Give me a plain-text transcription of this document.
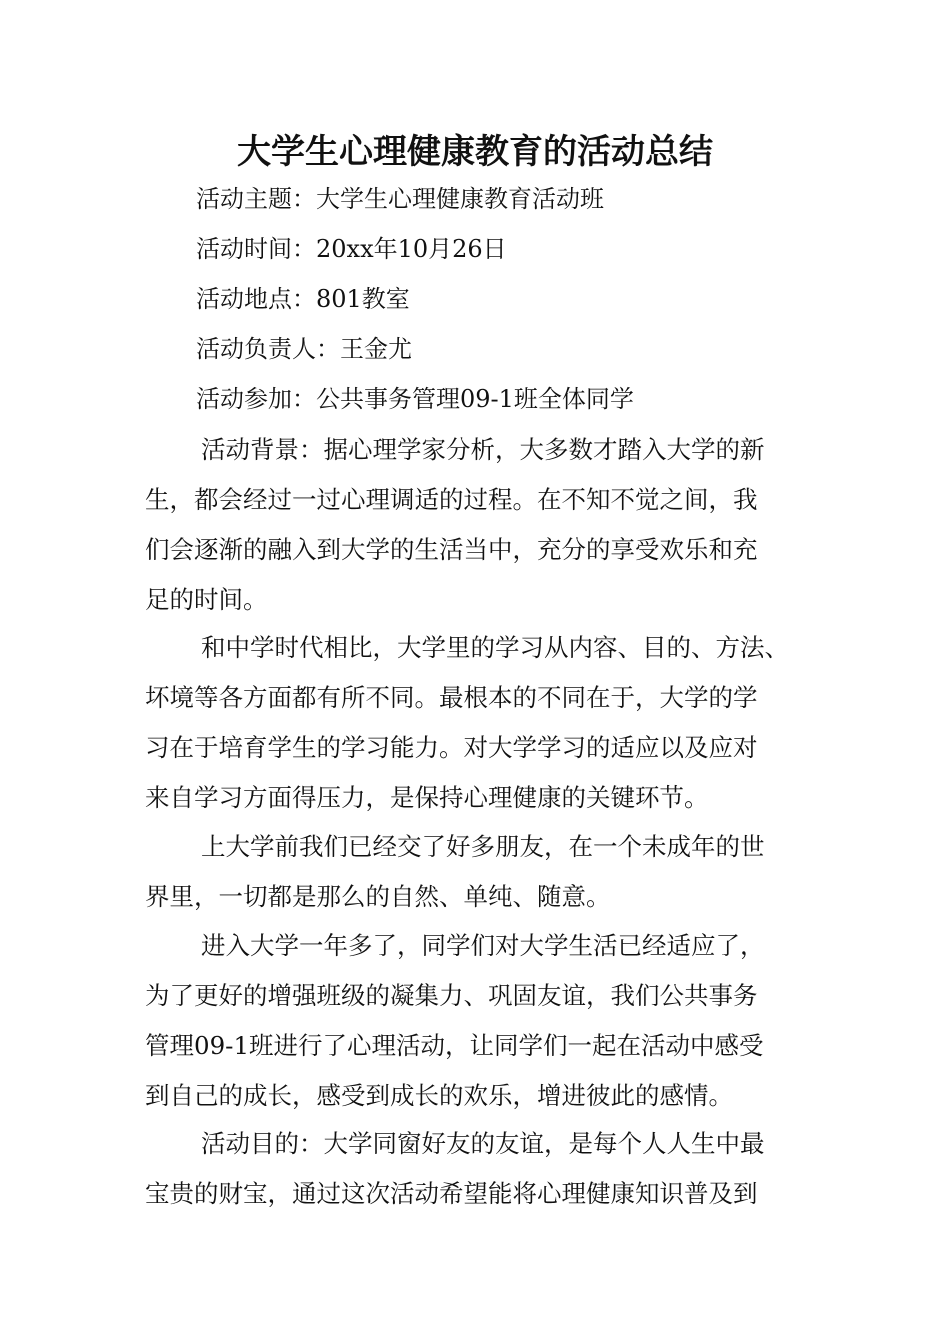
大学生心理健康教育的活动总结
活动主题：大学生心理健康教育活动班
活动时间：20xx年10月26日
活动地点：801教室
活动负责人：王金尤
活动参加：公共事务管理09-1班全体同学
活动背景：据心理学家分析，大多数才踏入大学的新
生，都会经过一过心理调适的过程。在不知不觉之间，我
们会逐渐的融入到大学的生活当中，充分的享受欢乐和充
足的时间。
和中学时代相比，大学里的学习从内容、目的、方法、
坏境等各方面都有所不同。最根本的不同在于，大学的学
习在于培育学生的学习能力。对大学学习的适应以及应对
来自学习方面得压力，是保持心理健康的关键环节。
上大学前我们已经交了好多朋友，在一个未成年的世
界里，一切都是那么的自然、单纯、随意。
进入大学一年多了，同学们对大学生活已经适应了，
为了更好的增强班级的凝集力、巩固友谊，我们公共事务
管理09-1班进行了心理活动，让同学们一起在活动中感受
到自己的成长，感受到成长的欢乐，增进彼此的感情。
活动目的：大学同窗好友的友谊，是每个人人生中最
宝贵的财宝，通过这次活动希望能将心理健康知识普及到
